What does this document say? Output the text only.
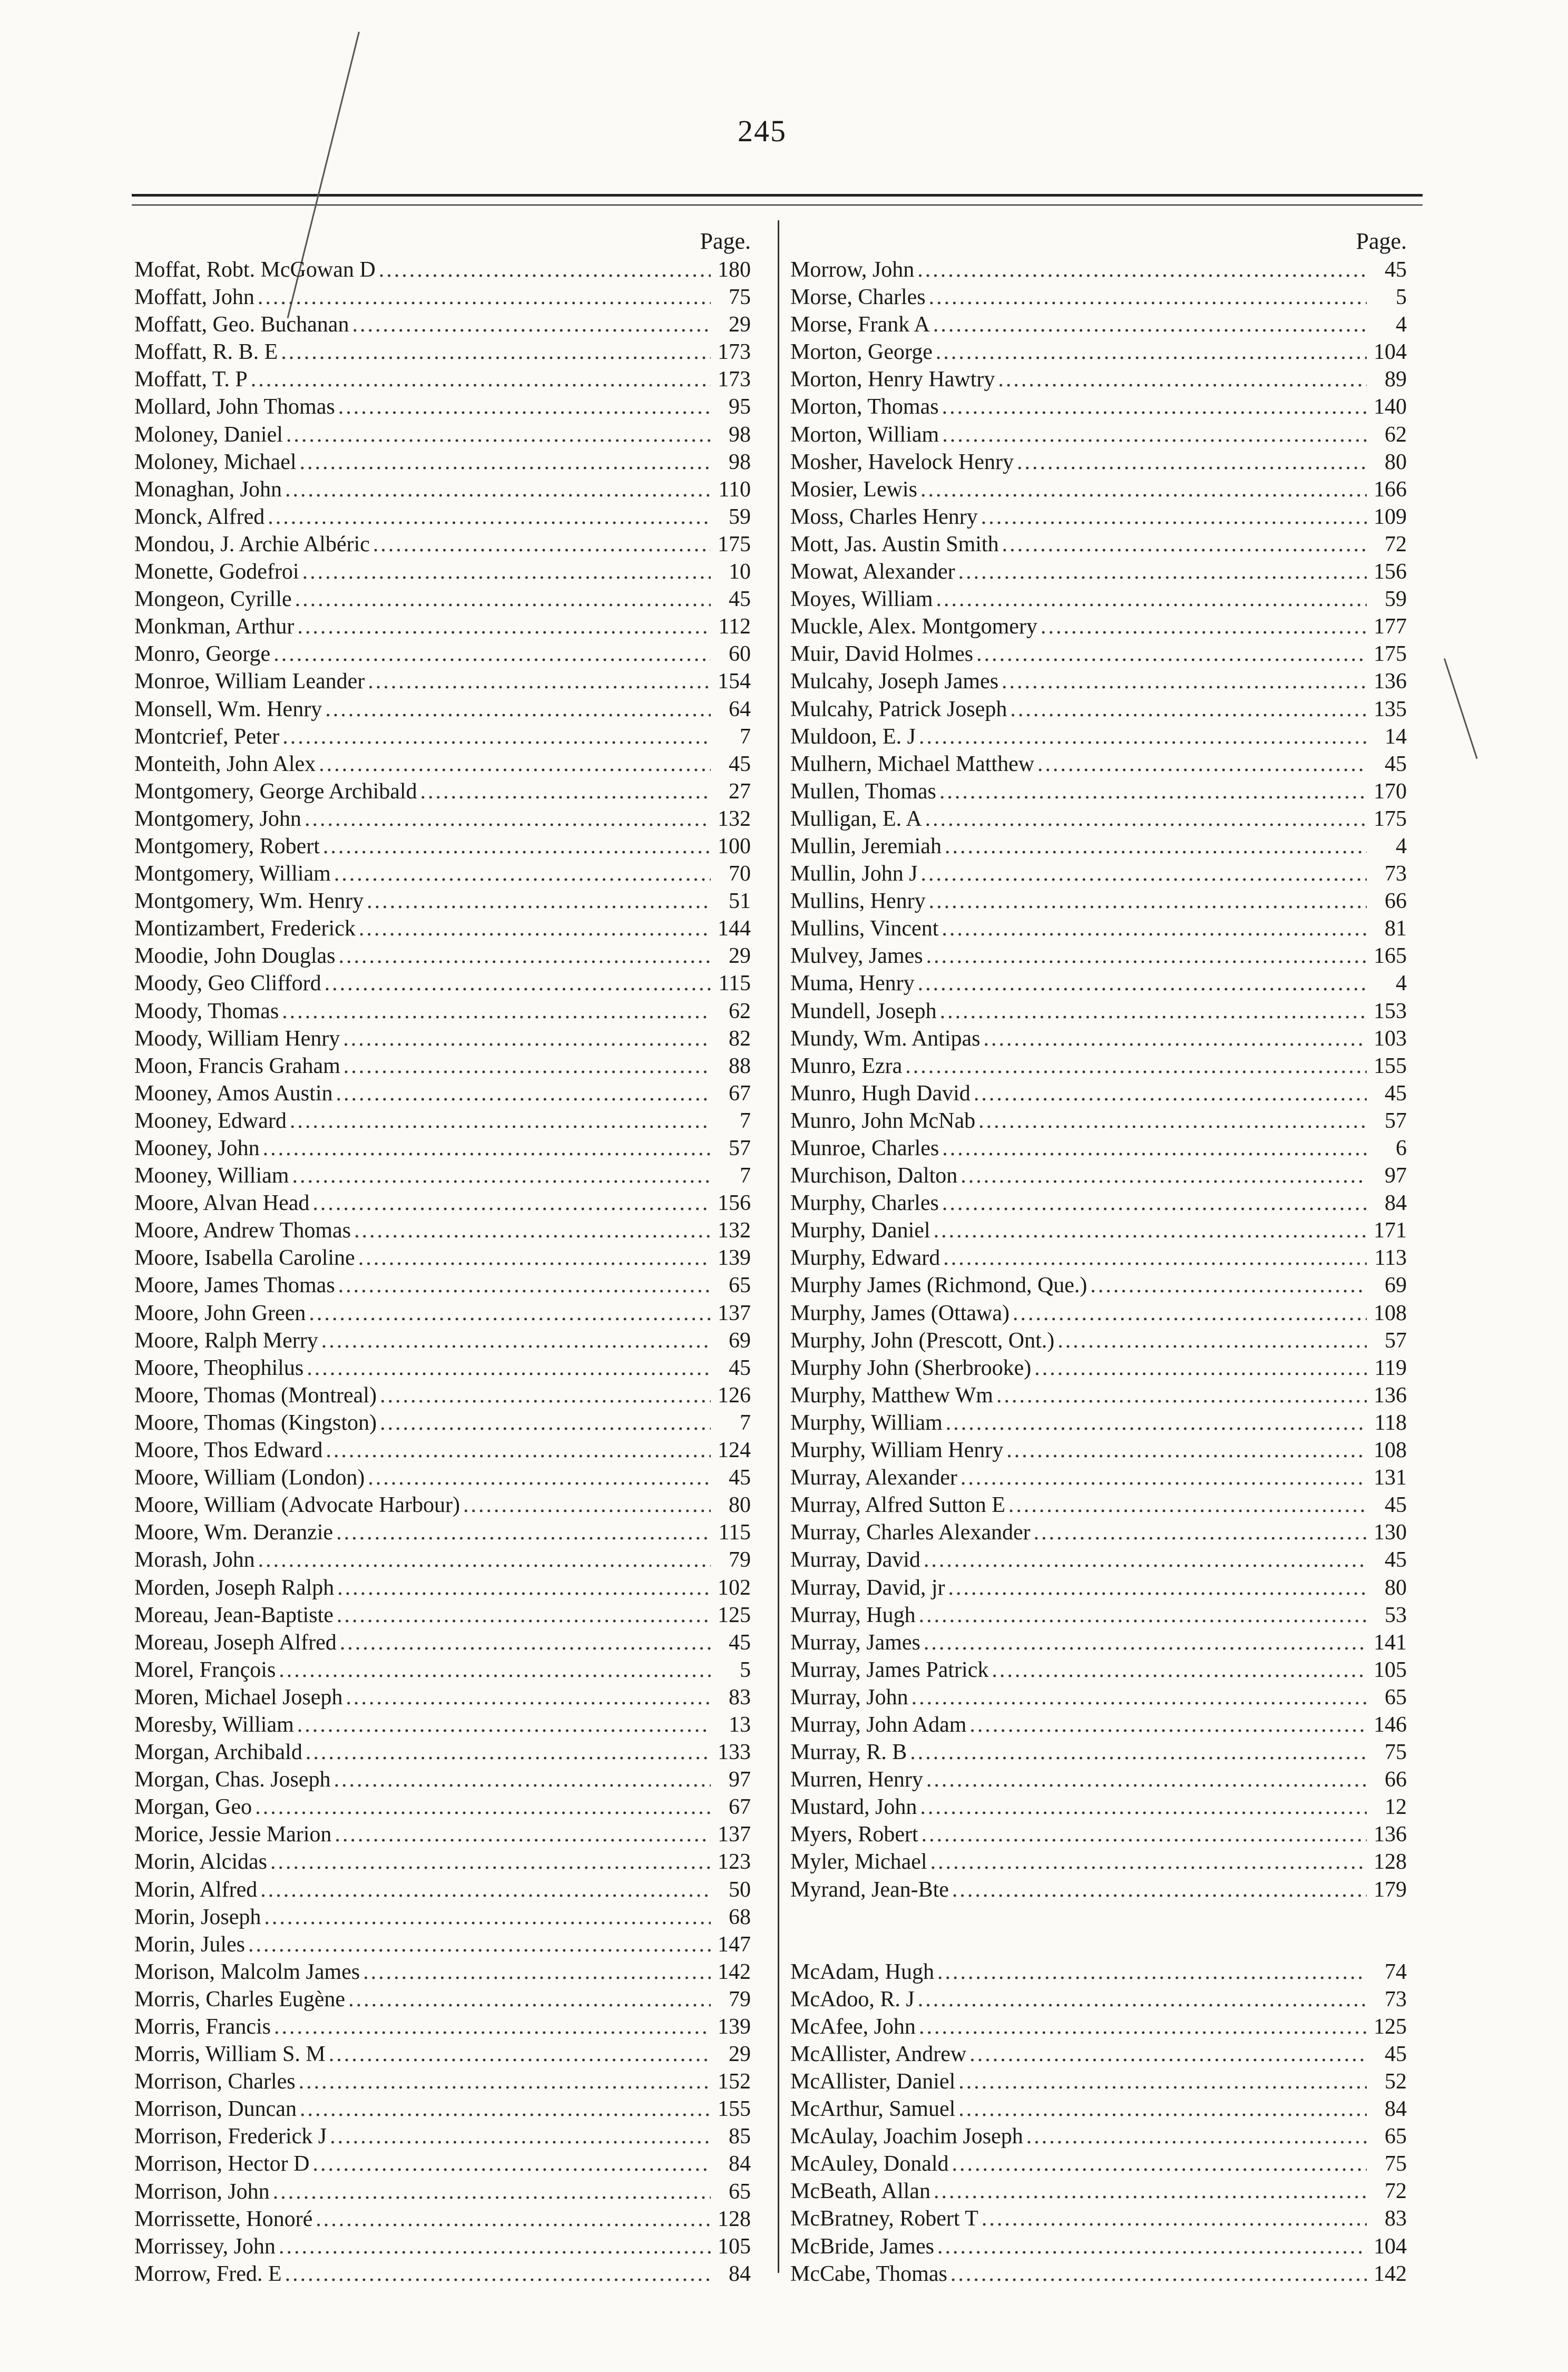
245
Page.
Moffat, Robt. McGowan D .....	180
Moffatt, John .....	75
Moffatt, Geo. Buchanan .....	29
Moffatt, R. B. E .....	173
Moffatt, T. P .....	173
Mollard, John Thomas .....	95
Moloney, Daniel .....	98
Moloney, Michael .....	98
Monaghan, John .....	110
Monck, Alfred .....	59
Mondou, J. Archie Albéric .....	175
Monette, Godefroi .....	10
Mongeon, Cyrille .....	45
Monkman, Arthur .....	112
Monro, George .....	60
Monroe, William Leander .....	154
Monsell, Wm. Henry .....	64
Montcrief, Peter .....	7
Monteith, John Alex .....	45
Montgomery, George Archibald .....	27
Montgomery, John .....	132
Montgomery, Robert .....	100
Montgomery, William .....	70
Montgomery, Wm. Henry .....	51
Montizambert, Frederick .....	144
Moodie, John Douglas .....	29
Moody, Geo Clifford .....	115
Moody, Thomas .....	62
Moody, William Henry .....	82
Moon, Francis Graham .....	88
Mooney, Amos Austin .....	67
Mooney, Edward .....	7
Mooney, John .....	57
Mooney, William .....	7
Moore, Alvan Head .....	156
Moore, Andrew Thomas .....	132
Moore, Isabella Caroline .....	139
Moore, James Thomas .....	65
Moore, John Green .....	137
Moore, Ralph Merry .....	69
Moore, Theophilus .....	45
Moore, Thomas (Montreal) .....	126
Moore, Thomas (Kingston) .....	7
Moore, Thos Edward .....	124
Moore, William (London) .....	45
Moore, William (Advocate Harbour) .....	80
Moore, Wm. Deranzie .....	115
Morash, John .....	79
Morden, Joseph Ralph .....	102
Moreau, Jean-Baptiste .....	125
Moreau, Joseph Alfred .....	45
Morel, François .....	5
Moren, Michael Joseph .....	83
Moresby, William .....	13
Morgan, Archibald .....	133
Morgan, Chas. Joseph .....	97
Morgan, Geo .....	67
Morice, Jessie Marion .....	137
Morin, Alcidas .....	123
Morin, Alfred .....	50
Morin, Joseph .....	68
Morin, Jules .....	147
Morison, Malcolm James .....	142
Morris, Charles Eugène .....	79
Morris, Francis .....	139
Morris, William S. M .....	29
Morrison, Charles .....	152
Morrison, Duncan .....	155
Morrison, Frederick J .....	85
Morrison, Hector D .....	84
Morrison, John .....	65
Morrissette, Honoré .....	128
Morrissey, John .....	105
Morrow, Fred. E .....	84
Page.
Morrow, John .....	45
Morse, Charles .....	5
Morse, Frank A .....	4
Morton, George .....	104
Morton, Henry Hawtry .....	89
Morton, Thomas .....	140
Morton, William .....	62
Mosher, Havelock Henry .....	80
Mosier, Lewis .....	166
Moss, Charles Henry .....	109
Mott, Jas. Austin Smith .....	72
Mowat, Alexander .....	156
Moyes, William .....	59
Muckle, Alex. Montgomery .....	177
Muir, David Holmes .....	175
Mulcahy, Joseph James .....	136
Mulcahy, Patrick Joseph .....	135
Muldoon, E. J .....	14
Mulhern, Michael Matthew .....	45
Mullen, Thomas .....	170
Mulligan, E. A .....	175
Mullin, Jeremiah .....	4
Mullin, John J .....	73
Mullins, Henry .....	66
Mullins, Vincent .....	81
Mulvey, James .....	165
Muma, Henry .....	4
Mundell, Joseph .....	153
Mundy, Wm. Antipas .....	103
Munro, Ezra .....	155
Munro, Hugh David .....	45
Munro, John McNab .....	57
Munroe, Charles .....	6
Murchison, Dalton .....	97
Murphy, Charles .....	84
Murphy, Daniel .....	171
Murphy, Edward .....	113
Murphy James (Richmond, Que.) .....	69
Murphy, James (Ottawa) .....	108
Murphy, John (Prescott, Ont.) .....	57
Murphy John (Sherbrooke) .....	119
Murphy, Matthew Wm .....	136
Murphy, William .....	118
Murphy, William Henry .....	108
Murray, Alexander .....	131
Murray, Alfred Sutton E .....	45
Murray, Charles Alexander .....	130
Murray, David .....	45
Murray, David, jr .....	80
Murray, Hugh .....	53
Murray, James .....	141
Murray, James Patrick .....	105
Murray, John .....	65
Murray, John Adam .....	146
Murray, R. B .....	75
Murren, Henry .....	66
Mustard, John .....	12
Myers, Robert .....	136
Myler, Michael .....	128
Myrand, Jean-Bte .....	179
McAdam, Hugh .....	74
McAdoo, R. J .....	73
McAfee, John .....	125
McAllister, Andrew .....	45
McAllister, Daniel .....	52
McArthur, Samuel .....	84
McAulay, Joachim Joseph .....	65
McAuley, Donald .....	75
McBeath, Allan .....	72
McBratney, Robert T .....	83
McBride, James .....	104
McCabe, Thomas .....	142
